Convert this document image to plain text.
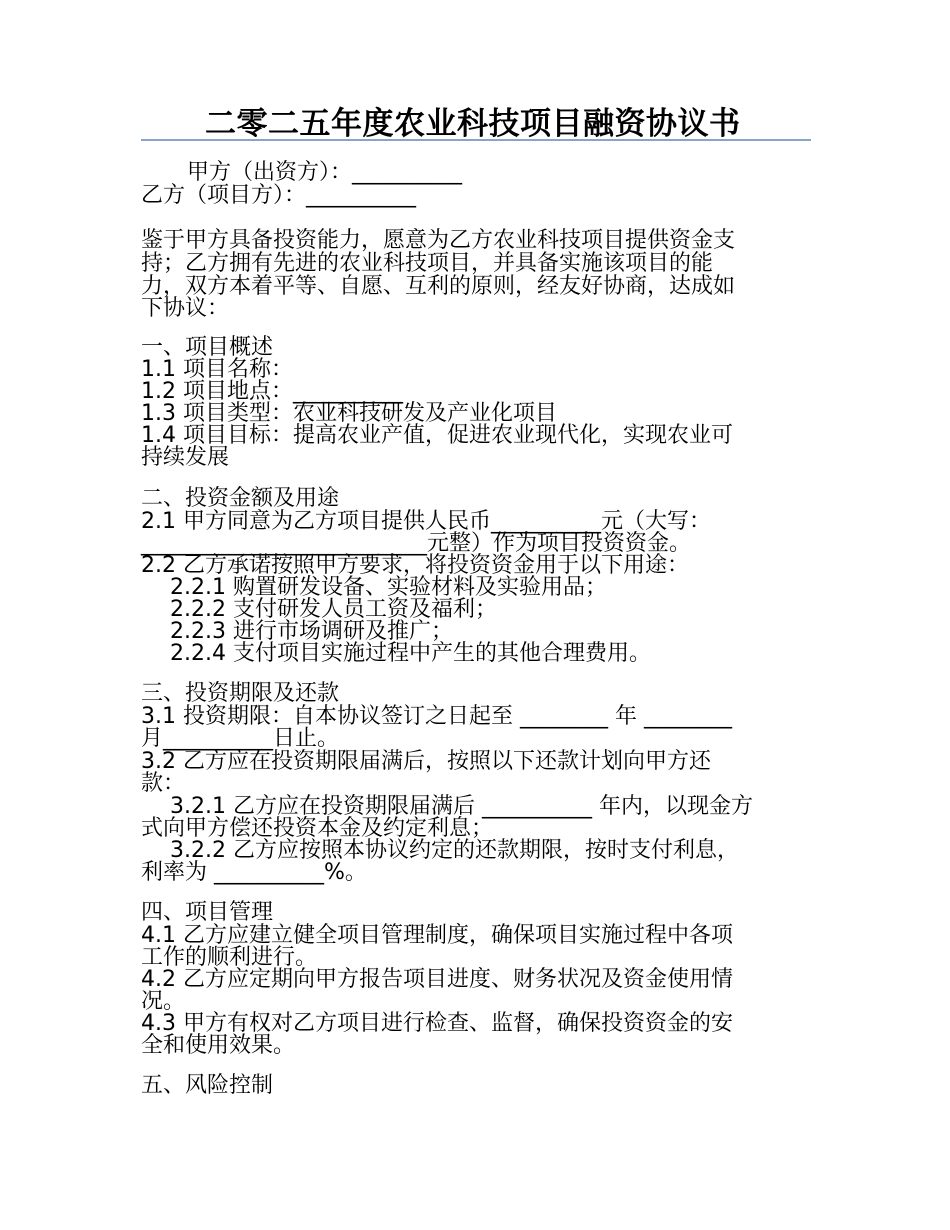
二零二五年度农业科技项目融资协议书
甲方（出资方）：__________
乙方（项目方）：__________
鉴于甲方具备投资能力，愿意为乙方农业科技项目提供资金支
持；乙方拥有先进的农业科技项目，并具备实施该项目的能
力，双方本着平等、自愿、互利的原则，经友好协商，达成如
下协议：
一、项目概述
1.1 项目名称：
1.2 项目地点：__________
1.3 项目类型：农业科技研发及产业化项目
1.4 项目目标：提高农业产值，促进农业现代化，实现农业可
持续发展
二、投资金额及用途
2.1 甲方同意为乙方项目提供人民币__________元（大写：
__________________________元整）作为项目投资资金。
2.2 乙方承诺按照甲方要求，将投资资金用于以下用途：
2.2.1 购置研发设备、实验材料及实验用品；
2.2.2 支付研发人员工资及福利；
2.2.3 进行市场调研及推广；
2.2.4 支付项目实施过程中产生的其他合理费用。
三、投资期限及还款
3.1 投资期限：自本协议签订之日起至 ________ 年 ________
月__________日止。
3.2 乙方应在投资期限届满后，按照以下还款计划向甲方还
款：
3.2.1 乙方应在投资期限届满后 __________ 年内，以现金方
式向甲方偿还投资本金及约定利息；
3.2.2 乙方应按照本协议约定的还款期限，按时支付利息，
利率为 __________%。
四、项目管理
4.1 乙方应建立健全项目管理制度，确保项目实施过程中各项
工作的顺利进行。
4.2 乙方应定期向甲方报告项目进度、财务状况及资金使用情
况。
4.3 甲方有权对乙方项目进行检查、监督，确保投资资金的安
全和使用效果。
五、风险控制
